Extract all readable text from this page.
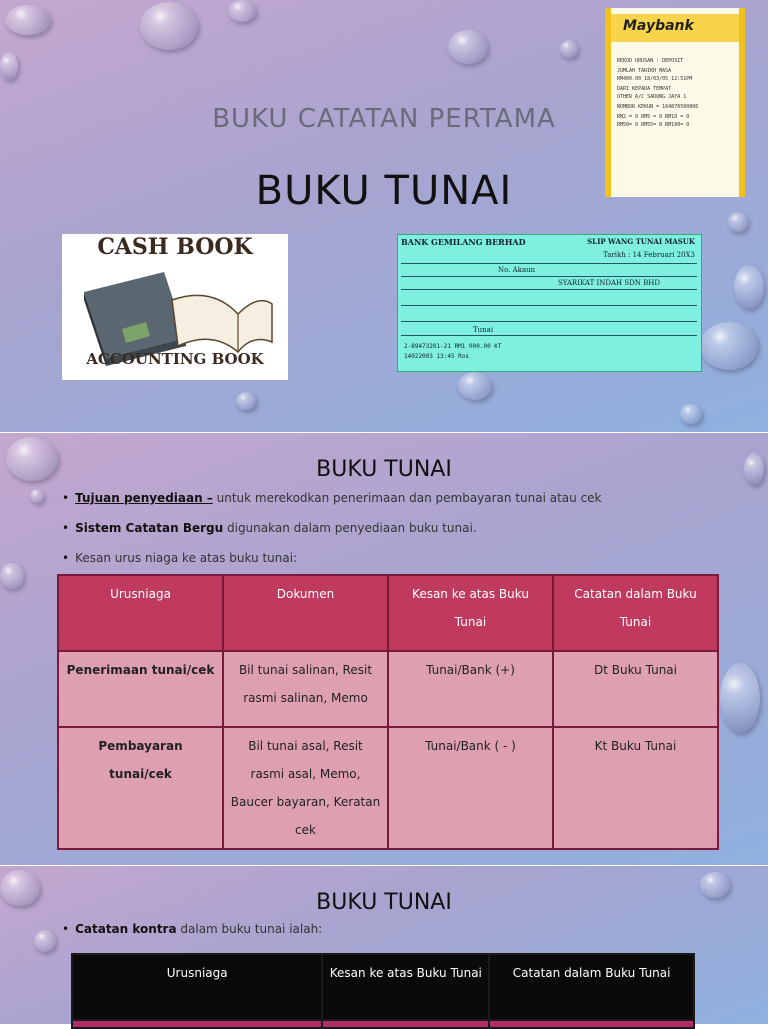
BUKU CATATAN PERTAMA
BUKU TUNAI
CASH BOOK
ACCOUNTING BOOK
BANK GEMILANG BERHAD	SLIP WANG TUNAI MASUK
Tarikh : 14 Februari 20X3
No. Akaun
SYARIKAT INDAH SDN BHD
Tunai
2-89473201-21 RM1 000.00 KT
14022003 13:45 Ros
Maybank
REKOD URUSAN : DEPOSIT
JUMLAH TARIKH MASA
RM400.00 18/03/05 12:51PM
DARI KEPADA TEMPAT
OTHER A/C SADONG JAYA 1
NOMBOR KEKUN = 164870500806
RM2 = 0 RM5 = 0 RM10 = 0
RM50= 0 RM55= 8 RM100= 0
BUKU TUNAI
• Tujuan penyediaan – untuk merekodkan penerimaan dan pembayaran tunai atau cek
• Sistem Catatan Bergu digunakan dalam penyediaan buku tunai.
• Kesan urus niaga ke atas buku tunai:
Urusniaga	Dokumen	Kesan ke atas Buku Tunai	Catatan dalam Buku Tunai
Penerimaan tunai/cek	Bil tunai salinan, Resit rasmi salinan, Memo	Tunai/Bank (+)	Dt Buku Tunai
Pembayaran tunai/cek	Bil tunai asal, Resit rasmi asal, Memo, Baucer bayaran, Keratan cek	Tunai/Bank ( - )	Kt Buku Tunai
BUKU TUNAI
• Catatan kontra dalam buku tunai ialah:
Urusniaga	Kesan ke atas Buku Tunai	Catatan dalam Buku Tunai
